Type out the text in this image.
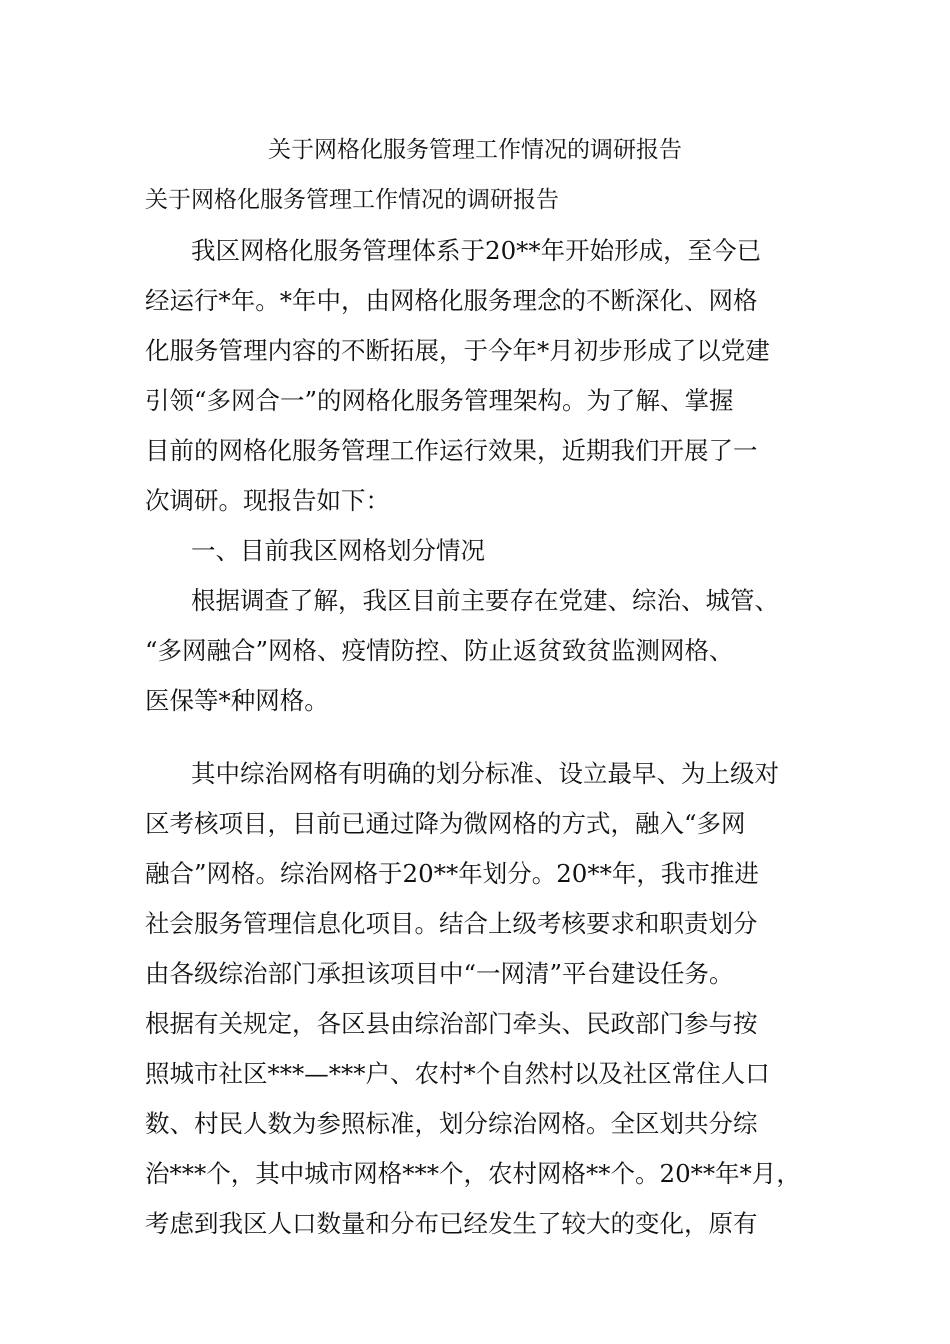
关于网格化服务管理工作情况的调研报告

关于网格化服务管理工作情况的调研报告

我区网格化服务管理体系于20**年开始形成，至今已
经运行*年。*年中，由网格化服务理念的不断深化、网格
化服务管理内容的不断拓展，于今年*月初步形成了以党建
引领“多网合一”的网格化服务管理架构。为了解、掌握
目前的网格化服务管理工作运行效果，近期我们开展了一
次调研。现报告如下：
一、目前我区网格划分情况
根据调查了解，我区目前主要存在党建、综治、城管、
“多网融合”网格、疫情防控、防止返贫致贫监测网格、
医保等*种网格。
其中综治网格有明确的划分标准、设立最早、为上级对
区考核项目，目前已通过降为微网格的方式，融入“多网
融合”网格。综治网格于20**年划分。20**年，我市推进
社会服务管理信息化项目。结合上级考核要求和职责划分
由各级综治部门承担该项目中“一网清”平台建设任务。
根据有关规定，各区县由综治部门牵头、民政部门参与按
照城市社区***—***户、农村*个自然村以及社区常住人口
数、村民人数为参照标准，划分综治网格。全区划共分综
治***个，其中城市网格***个，农村网格**个。20**年*月，
考虑到我区人口数量和分布已经发生了较大的变化，原有
